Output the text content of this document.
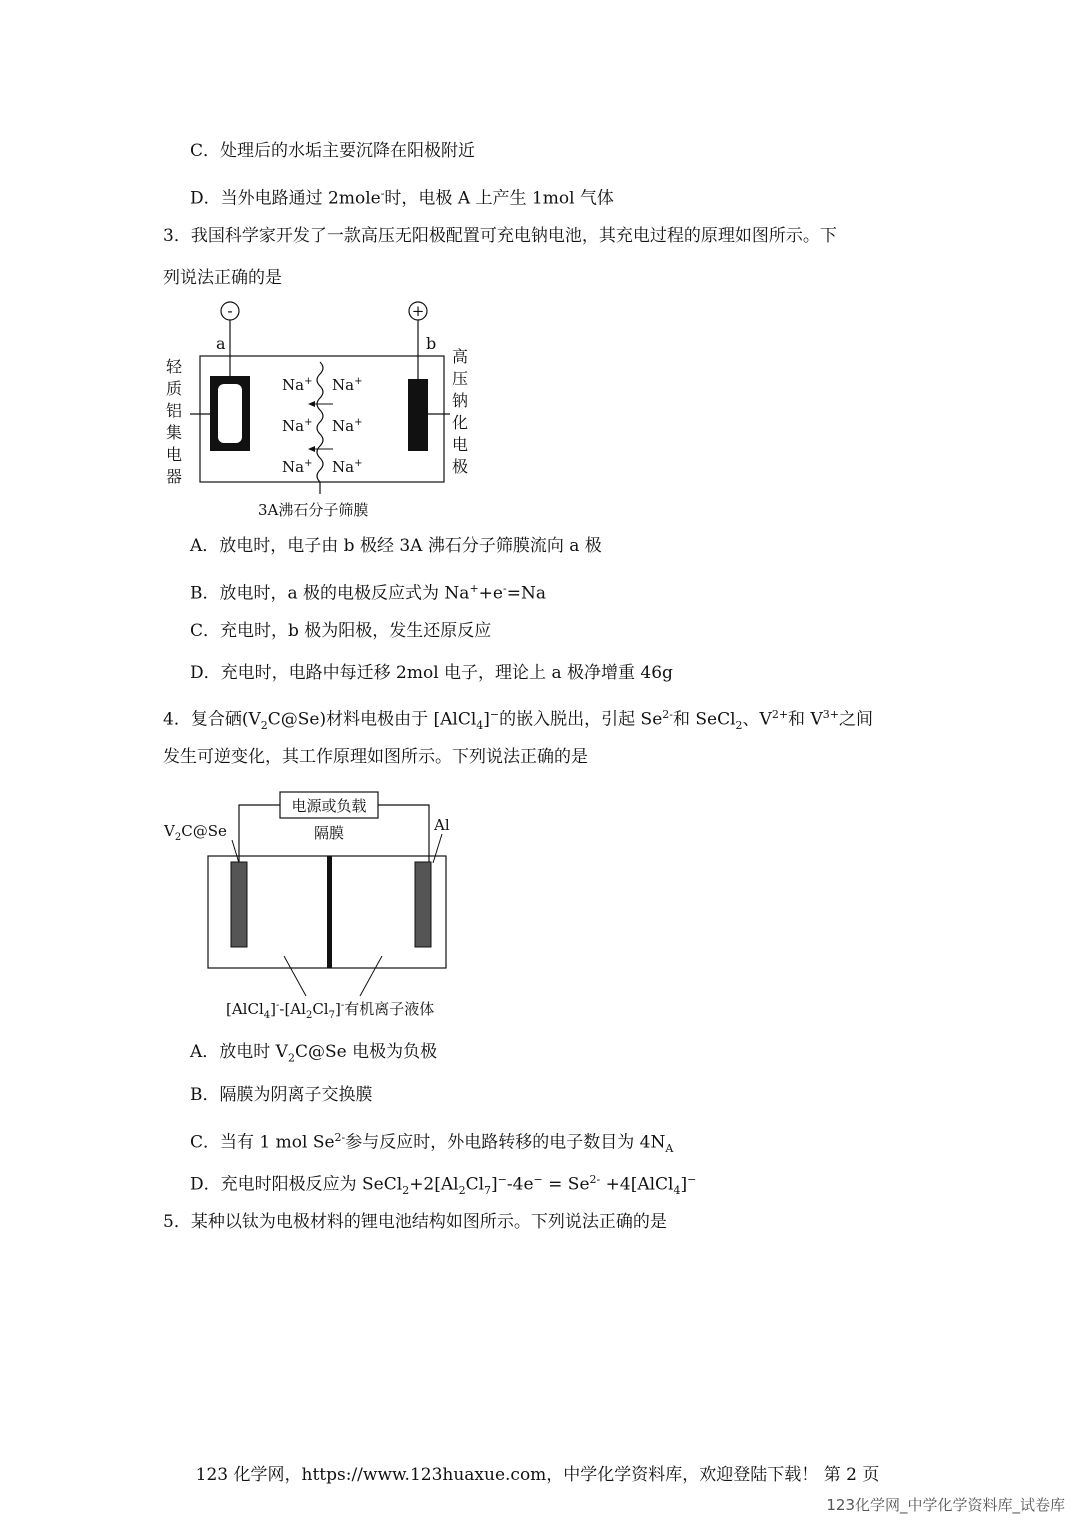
C．处理后的水垢主要沉降在阳极附近
D．当外电路通过 2mole-时，电极 A 上产生 1mol 气体
3．我国科学家开发了一款高压无阳极配置可充电钠电池，其充电过程的原理如图所示。下
列说法正确的是
-	+
a	b
Na+ Na+
Na+ Na+
Na+ Na+
轻
质
铝
集
电
器
高
压
钠
化
电
极
3A沸石分子筛膜
A．放电时，电子由 b 极经 3A 沸石分子筛膜流向 a 极
B．放电时，a 极的电极反应式为 Na++e-=Na
C．充电时，b 极为阳极，发生还原反应
D．充电时，电路中每迁移 2mol 电子，理论上 a 极净增重 46g
4．复合硒$(V_2C@Se)$材料电极由于 [AlCl$_4$]−的嵌入脱出，引起 $Se^{2-}$和 SeCl$_2$、$V^{2+}$和 $V^{3+}$之间
发生可逆变化，其工作原理如图所示。下列说法正确的是
电源或负载
$V_2C@Se$	隔膜	Al
$[AlCl_4]^--[Al_2Cl_7]^-$有机离子液体
A．放电时 $V_2C@Se$ 电极为负极
B．隔膜为阴离子交换膜
C．当有 1 mol $Se^{2-}$参与反应时，外电路转移的电子数目为 $4N_A$
D．充电时阳极反应为 $SeCl_2+2[Al_2Cl_7]^--4e^- = Se^{2-}$ +4[AlCl$_4$]−
5．某种以钛为电极材料的锂电池结构如图所示。下列说法正确的是
123 化学网，https://www.123huaxue.com，中学化学资料库，欢迎登陆下载！ 第 2 页
123化学网_中学化学资料库_试卷库
